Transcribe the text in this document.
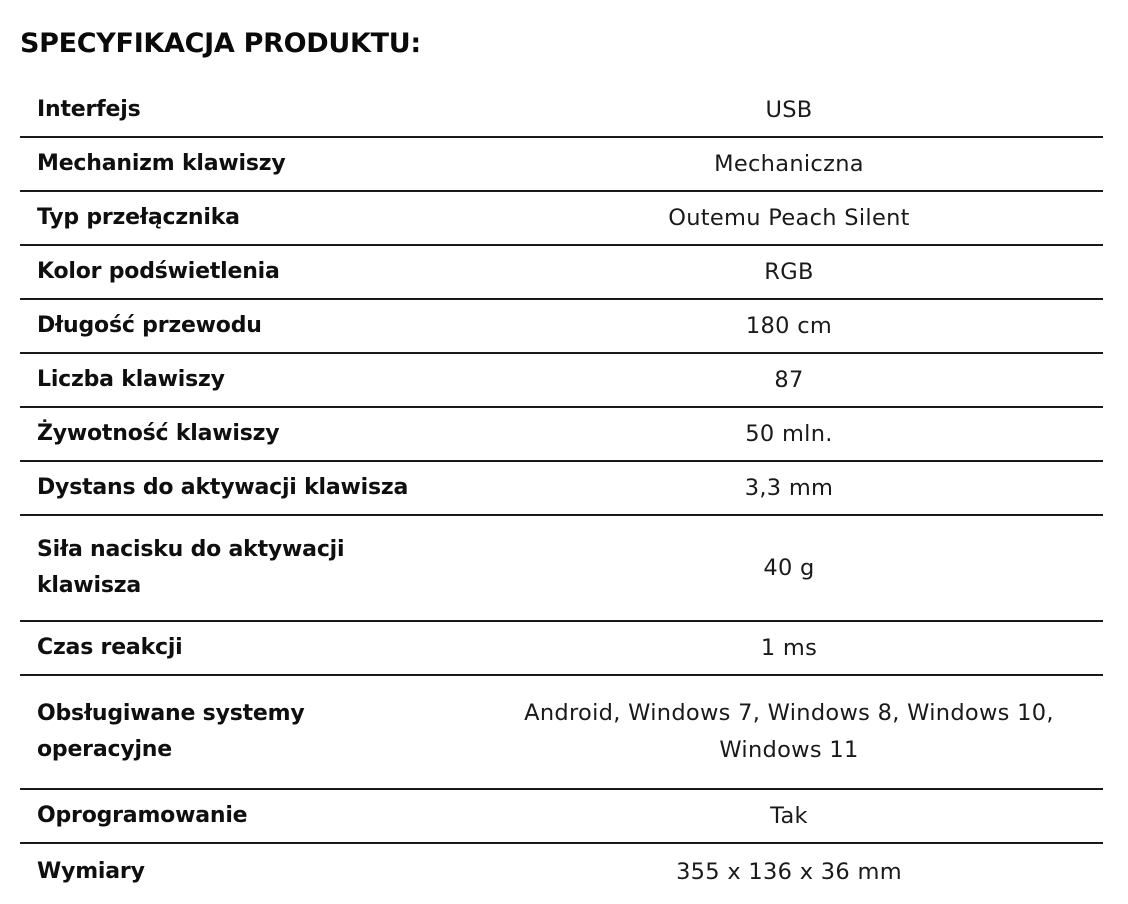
SPECYFIKACJA PRODUKTU:
Interfejs	USB
Mechanizm klawiszy	Mechaniczna
Typ przełącznika	Outemu Peach Silent
Kolor podświetlenia	RGB
Długość przewodu	180 cm
Liczba klawiszy	87
Żywotność klawiszy	50 mln.
Dystans do aktywacji klawisza	3,3 mm
Siła nacisku do aktywacji klawisza	40 g
Czas reakcji	1 ms
Obsługiwane systemy operacyjne	Android, Windows 7, Windows 8, Windows 10, Windows 11
Oprogramowanie	Tak
Wymiary	355 x 136 x 36 mm
